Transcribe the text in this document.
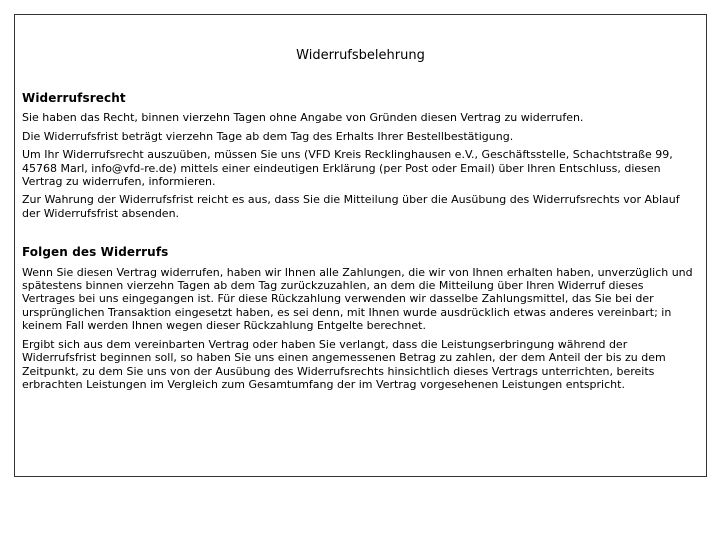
Widerrufsbelehrung
Widerrufsrecht
Sie haben das Recht, binnen vierzehn Tagen ohne Angabe von Gründen diesen Vertrag zu widerrufen.
Die Widerrufsfrist beträgt vierzehn Tage ab dem Tag des Erhalts Ihrer Bestellbestätigung.
Um Ihr Widerrufsrecht auszuüben, müssen Sie uns (VFD Kreis Recklinghausen e.V., Geschäftsstelle, Schachtstraße 99, 45768 Marl, info@vfd-re.de) mittels einer eindeutigen Erklärung (per Post oder Email) über Ihren Entschluss, diesen Vertrag zu widerrufen, informieren.
Zur Wahrung der Widerrufsfrist reicht es aus, dass Sie die Mitteilung über die Ausübung des Widerrufsrechts vor Ablauf der Widerrufsfrist absenden.
Folgen des Widerrufs
Wenn Sie diesen Vertrag widerrufen, haben wir Ihnen alle Zahlungen, die wir von Ihnen erhalten haben, unverzüglich und spätestens binnen vierzehn Tagen ab dem Tag zurückzuzahlen, an dem die Mitteilung über Ihren Widerruf dieses Vertrages bei uns eingegangen ist. Für diese Rückzahlung verwenden wir dasselbe Zahlungsmittel, das Sie bei der ursprünglichen Transaktion eingesetzt haben, es sei denn, mit Ihnen wurde ausdrücklich etwas anderes vereinbart; in keinem Fall werden Ihnen wegen dieser Rückzahlung Entgelte berechnet.
Ergibt sich aus dem vereinbarten Vertrag oder haben Sie verlangt, dass die Leistungserbringung während der Widerrufsfrist beginnen soll, so haben Sie uns einen angemessenen Betrag zu zahlen, der dem Anteil der bis zu dem Zeitpunkt, zu dem Sie uns von der Ausübung des Widerrufsrechts hinsichtlich dieses Vertrags unterrichten, bereits erbrachten Leistungen im Vergleich zum Gesamtumfang der im Vertrag vorgesehenen Leistungen entspricht.
